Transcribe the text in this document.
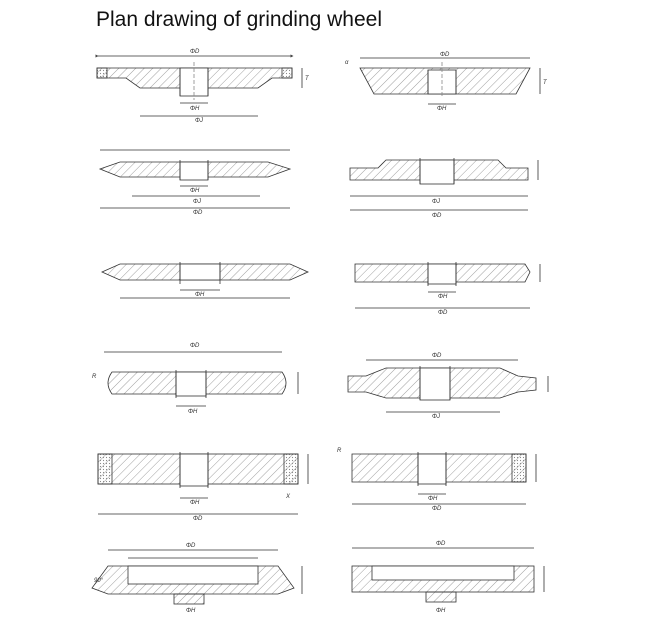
Plan drawing of grinding wheel
ΦD
ΦH
ΦJ
T
ΦD
ΦH
T
α
ΦH
ΦJ
ΦD
ΦJ
ΦD
ΦH	ΦH
ΦD
ΦD
ΦH
R
ΦD
ΦJ
ΦH
ΦD
X	ΦH
ΦD
R
ΦD
90°
ΦH
ΦD
ΦH
